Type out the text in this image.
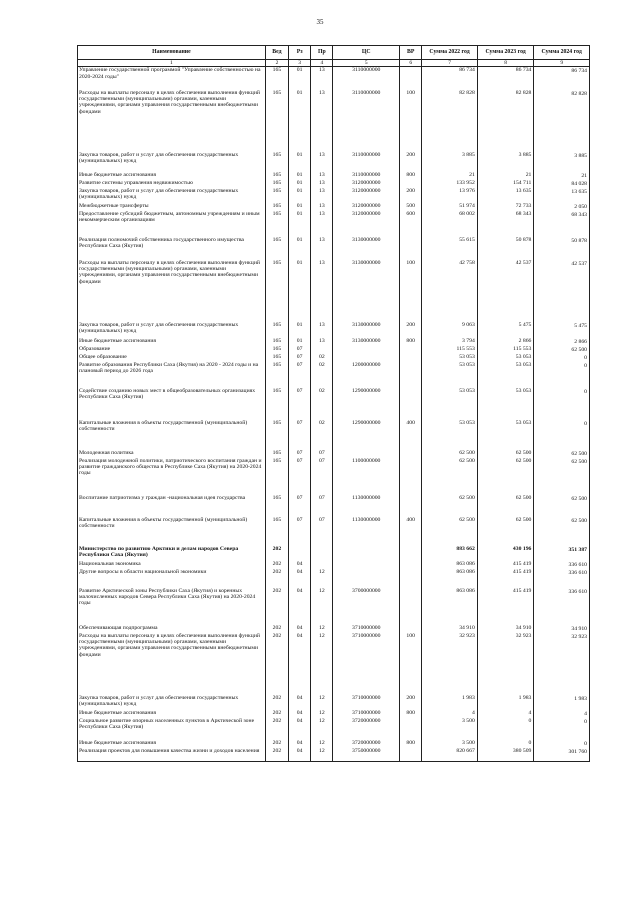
35
Наименование	Вед	Рз	Пр	ЦС	ВР	Сумма 2022 год	Сумма 2023 год	Сумма 2024 год
1	2	3	4	5	6	7	8	9
Управление государственной программой "Управление собственностью на 2020-2024 годы"	165	01	13	3110000000		86 734	86 734	86 734
Расходы на выплаты персоналу в целях обеспечения выполнения функций государственными (муниципальными) органами, казенными учреждениями, органами управления государственными внебюджетными фондами	165	01	13	3110000000	100	82 828	82 828	82 828
Закупка товаров, работ и услуг для обеспечения государственных (муниципальных) нужд	165	01	13	3110000000	200	3 885	3 885	3 885
Иные бюджетные ассигнования	165	01	13	3110000000	800	21	21	21
Развитие системы управления недвижимостью	165	01	13	3120000000		133 952	154 711	84 028
Закупка товаров, работ и услуг для обеспечения государственных (муниципальных) нужд	165	01	13	3120000000	200	13 976	13 635	13 635
Межбюджетные трансферты	165	01	13	3120000000	500	51 974	72 733	2 050
Предоставление субсидий бюджетным, автономным учреждениям и иным некоммерческим организациям	165	01	13	3120000000	600	68 002	68 343	68 343
Реализация полномочий собственника государственного имущества Республики Саха (Якутия)	165	01	13	3130000000		55 615	50 878	50 878
Расходы на выплаты персоналу в целях обеспечения выполнения функций государственными (муниципальными) органами, казенными учреждениями, органами управления государственными внебюджетными фондами	165	01	13	3130000000	100	42 758	42 537	42 537
Закупка товаров, работ и услуг для обеспечения государственных (муниципальных) нужд	165	01	13	3130000000	200	9 063	5 475	5 475
Иные бюджетные ассигнования	165	01	13	3130000000	800	3 794	2 866	2 866
Образование	165	07				115 553	115 553	62 500
Общее образование	165	07	02			53 053	53 053	0
Развитие образования Республики Саха (Якутия) на 2020 - 2024 годы и на плановый период до 2026 года	165	07	02	1200000000		53 053	53 053	0
Содействие созданию новых мест в общеобразовательных организациях Республики Саха (Якутия)	165	07	02	1290000000		53 053	53 053	0
Капитальные вложения в объекты государственной (муниципальной) собственности	165	07	02	1290000000	400	53 053	53 053	0
Молодежная политика	165	07	07			62 500	62 500	62 500
Реализация молодежной политики, патриотического воспитания граждан и развитие гражданского общества в Республике Саха (Якутия) на 2020-2024 годы	165	07	07	1100000000		62 500	62 500	62 500
Воспитание патриотизма у граждан -национальная идея государства	165	07	07	1130000000		62 500	62 500	62 500
Капитальные вложения в объекты государственной (муниципальной) собственности	165	07	07	1130000000	400	62 500	62 500	62 500
Министерство по развитию Арктики и делам народов Севера Республики Саха (Якутия)	202					883 662	430 196	351 387
Национальная экономика	202	04				863 086	415 419	336 610
Другие вопросы в области национальной экономики	202	04	12			863 086	415 419	336 610
Развитие Арктической зоны Республики Саха (Якутия) и коренных малочисленных народов Севера Республики Саха (Якутия) на 2020-2024 годы	202	04	12	3700000000		863 086	415 419	336 610
Обеспечивающая подпрограмма	202	04	12	3710000000		34 910	34 910	34 910
Расходы на выплаты персоналу в целях обеспечения выполнения функций государственными (муниципальными) органами, казенными учреждениями, органами управления государственными внебюджетными фондами	202	04	12	3710000000	100	32 923	32 923	32 923
Закупка товаров, работ и услуг для обеспечения государственных (муниципальных) нужд	202	04	12	3710000000	200	1 983	1 983	1 983
Иные бюджетные ассигнования	202	04	12	3710000000	800	4	4	4
Социальное развитие опорных населенных пунктов в Арктической зоне Республики Саха (Якутия)	202	04	12	3720000000		3 500	0	0
Иные бюджетные ассигнования	202	04	12	3720000000	800	3 500	0	0
Реализация проектов для повышения качества жизни и доходов населения	202	04	12	3750000000		820 667	380 509	301 760
